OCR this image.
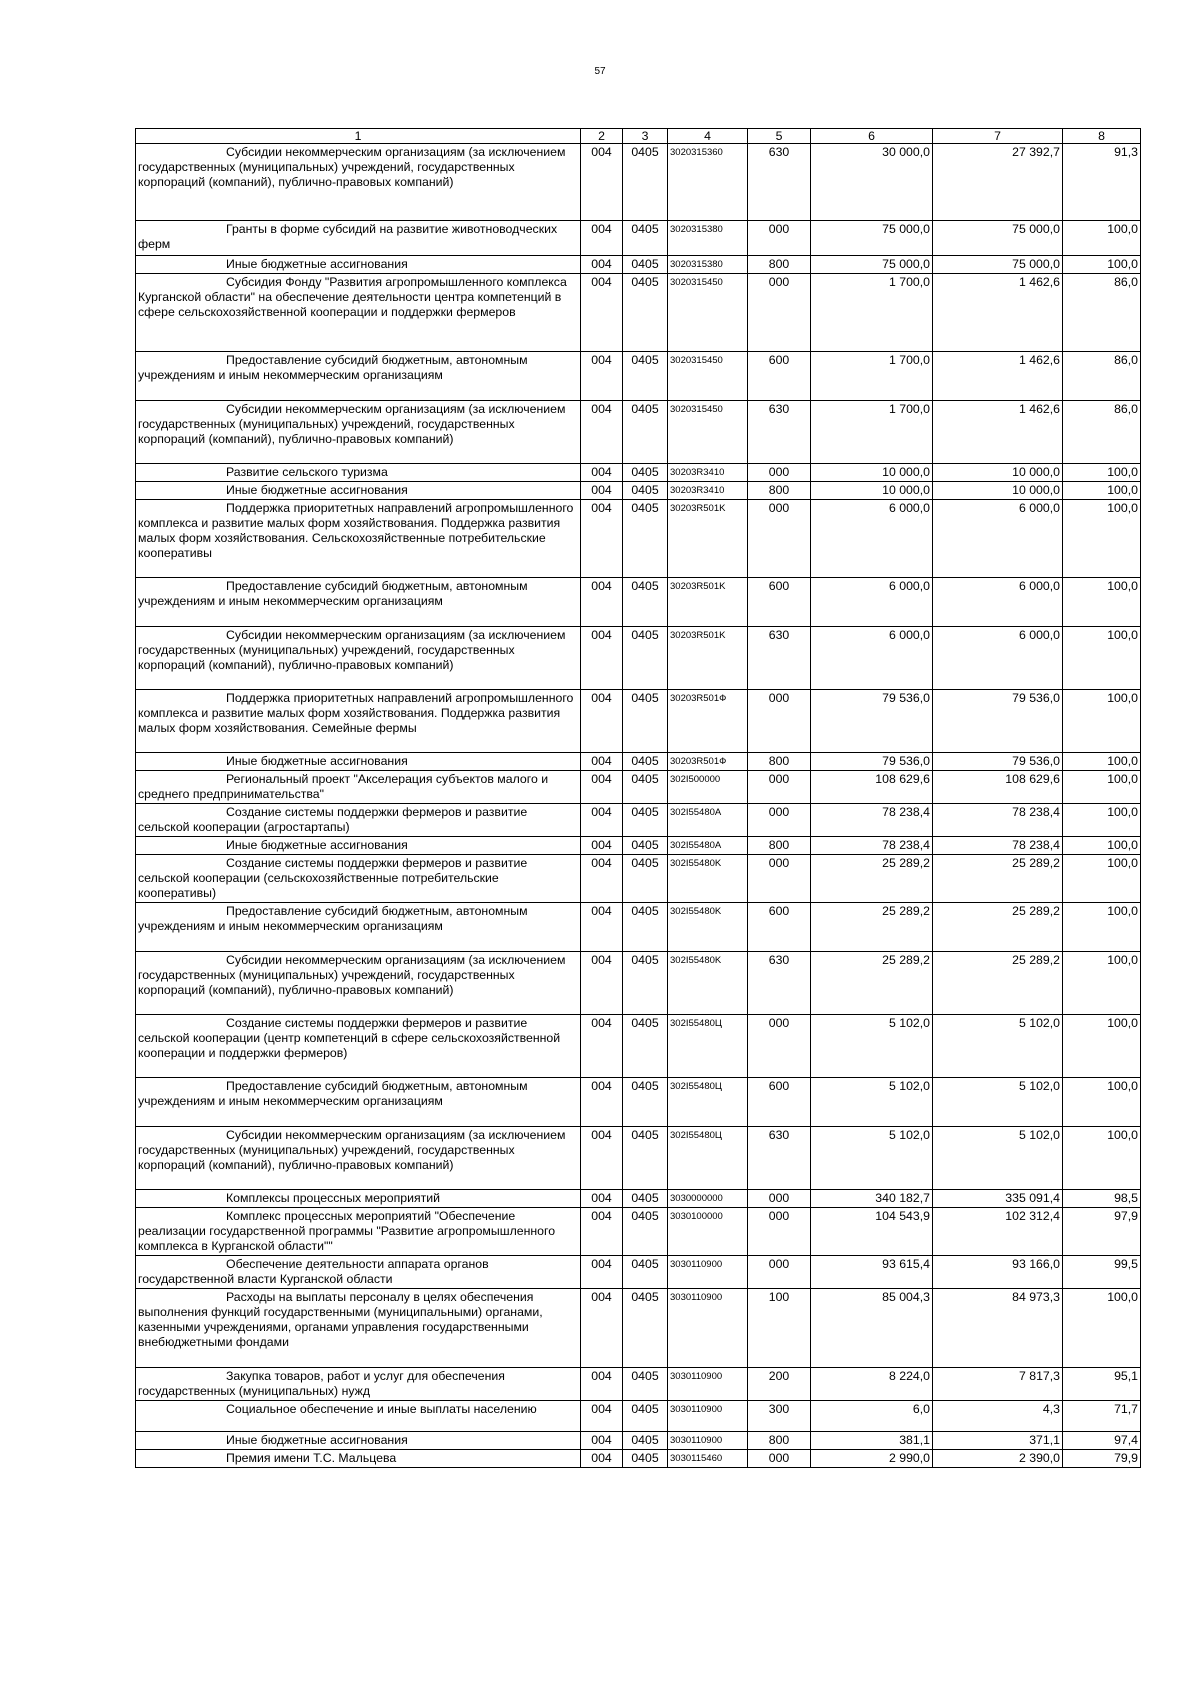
57
1	2	3	4	5	6	7	8
Субсидии некоммерческим организациям (за исключением государственных (муниципальных) учреждений, государственных корпораций (компаний), публично-правовых компаний)	004	0405	3020315360	630	30 000,0	27 392,7	91,3
Гранты в форме субсидий на развитие животноводческих ферм	004	0405	3020315380	000	75 000,0	75 000,0	100,0
Иные бюджетные ассигнования	004	0405	3020315380	800	75 000,0	75 000,0	100,0
Субсидия Фонду "Развития агропромышленного комплекса Курганской области" на обеспечение деятельности центра компетенций в сфере сельскохозяйственной кооперации и поддержки фермеров	004	0405	3020315450	000	1 700,0	1 462,6	86,0
Предоставление субсидий бюджетным, автономным учреждениям и иным некоммерческим организациям	004	0405	3020315450	600	1 700,0	1 462,6	86,0
Субсидии некоммерческим организациям (за исключением государственных (муниципальных) учреждений, государственных корпораций (компаний), публично-правовых компаний)	004	0405	3020315450	630	1 700,0	1 462,6	86,0
Развитие сельского туризма	004	0405	30203R3410	000	10 000,0	10 000,0	100,0
Иные бюджетные ассигнования	004	0405	30203R3410	800	10 000,0	10 000,0	100,0
Поддержка приоритетных направлений агропромышленного комплекса и развитие малых форм хозяйствования. Поддержка развития малых форм хозяйствования. Сельскохозяйственные потребительские кооперативы	004	0405	30203R501K	000	6 000,0	6 000,0	100,0
Предоставление субсидий бюджетным, автономным учреждениям и иным некоммерческим организациям	004	0405	30203R501K	600	6 000,0	6 000,0	100,0
Субсидии некоммерческим организациям (за исключением государственных (муниципальных) учреждений, государственных корпораций (компаний), публично-правовых компаний)	004	0405	30203R501K	630	6 000,0	6 000,0	100,0
Поддержка приоритетных направлений агропромышленного комплекса и развитие малых форм хозяйствования. Поддержка развития малых форм хозяйствования. Семейные фермы	004	0405	30203R501Ф	000	79 536,0	79 536,0	100,0
Иные бюджетные ассигнования	004	0405	30203R501Ф	800	79 536,0	79 536,0	100,0
Региональный проект "Акселерация субъектов малого и среднего предпринимательства"	004	0405	302I500000	000	108 629,6	108 629,6	100,0
Создание системы поддержки фермеров и развитие сельской кооперации (агростартапы)	004	0405	302I55480A	000	78 238,4	78 238,4	100,0
Иные бюджетные ассигнования	004	0405	302I55480A	800	78 238,4	78 238,4	100,0
Создание системы поддержки фермеров и развитие сельской кооперации (сельскохозяйственные потребительские кооперативы)	004	0405	302I55480K	000	25 289,2	25 289,2	100,0
Предоставление субсидий бюджетным, автономным учреждениям и иным некоммерческим организациям	004	0405	302I55480K	600	25 289,2	25 289,2	100,0
Субсидии некоммерческим организациям (за исключением государственных (муниципальных) учреждений, государственных корпораций (компаний), публично-правовых компаний)	004	0405	302I55480K	630	25 289,2	25 289,2	100,0
Создание системы поддержки фермеров и развитие сельской кооперации (центр компетенций в сфере сельскохозяйственной кооперации и поддержки фермеров)	004	0405	302I55480Ц	000	5 102,0	5 102,0	100,0
Предоставление субсидий бюджетным, автономным учреждениям и иным некоммерческим организациям	004	0405	302I55480Ц	600	5 102,0	5 102,0	100,0
Субсидии некоммерческим организациям (за исключением государственных (муниципальных) учреждений, государственных корпораций (компаний), публично-правовых компаний)	004	0405	302I55480Ц	630	5 102,0	5 102,0	100,0
Комплексы процессных мероприятий	004	0405	3030000000	000	340 182,7	335 091,4	98,5
Комплекс процессных мероприятий "Обеспечение реализации государственной программы "Развитие агропромышленного комплекса в Курганской области""	004	0405	3030100000	000	104 543,9	102 312,4	97,9
Обеспечение деятельности аппарата органов государственной власти Курганской области	004	0405	3030110900	000	93 615,4	93 166,0	99,5
Расходы на выплаты персоналу в целях обеспечения выполнения функций государственными (муниципальными) органами, казенными учреждениями, органами управления государственными внебюджетными фондами	004	0405	3030110900	100	85 004,3	84 973,3	100,0
Закупка товаров, работ и услуг для обеспечения государственных (муниципальных) нужд	004	0405	3030110900	200	8 224,0	7 817,3	95,1
Социальное обеспечение и иные выплаты населению	004	0405	3030110900	300	6,0	4,3	71,7
Иные бюджетные ассигнования	004	0405	3030110900	800	381,1	371,1	97,4
Премия имени Т.С. Мальцева	004	0405	3030115460	000	2 990,0	2 390,0	79,9
